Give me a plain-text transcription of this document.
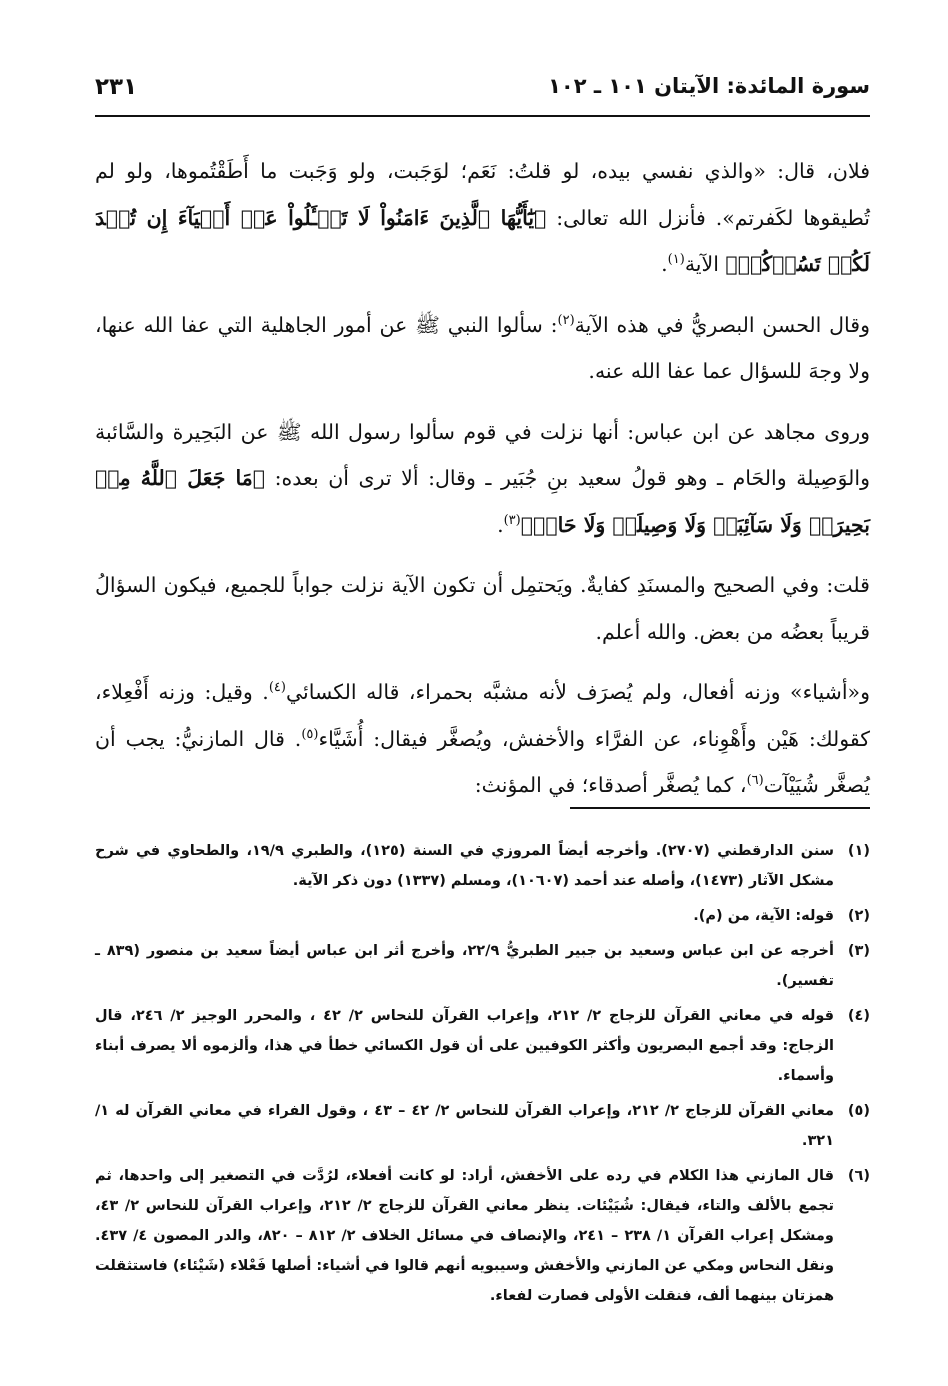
سورة المائدة: الآيتان ١٠١ ـ ١٠٢
٢٣١

فلان، قال: «والذي نفسي بيده، لو قلتُ: نَعَم؛ لوَجَبت، ولو وَجَبت ما أَطَقْتُموها، ولو لم تُطيقوها لكَفرتم». فأنزل الله تعالى: ﴿يَٰٓأَيُّهَا ٱلَّذِينَ ءَامَنُواْ لَا تَسۡـَٔلُواْ عَنۡ أَشۡيَآءَ إِن تُبۡدَ لَكُمۡ تَسُؤۡكُمۡ﴾ الآية$^{(١)}$.

وقال الحسن البصريُّ في هذه الآية$^{(٢)}$: سألوا النبي ﷺ عن أمور الجاهلية التي عفا الله عنها، ولا وجهَ للسؤال عما عفا الله عنه.

وروى مجاهد عن ابن عباس: أنها نزلت في قوم سألوا رسول الله ﷺ عن البَحِيرة والسَّائبة والوَصِيلة والحَام ـ وهو قولُ سعيد بنِ جُبَير ـ وقال: ألا ترى أن بعده: ﴿مَا جَعَلَ ٱللَّهُ مِنۢ بَحِيرَةٖ وَلَا سَآئِبَةٖ وَلَا وَصِيلَةٖ وَلَا حَامٖ﴾$^{(٣)}$.

قلت: وفي الصحيح والمسنَدِ كفايةٌ. ويَحتمِل أن تكون الآية نزلت جواباً للجميع، فيكون السؤالُ قريباً بعضُه من بعض. والله أعلم.

و«أشياء» وزنه أفعال، ولم يُصرَف لأنه مشبَّه بحمراء، قاله الكسائي$^{(٤)}$. وقيل: وزنه أَفْعِلاء، كقولك: هَيْن وأَهْوِناء، عن الفرَّاء والأخفش، ويُصغَّر فيقال: أُشَيَّاء$^{(٥)}$. قال المازنيُّ: يجب أن يُصغَّر شُيَيْآت$^{(٦)}$، كما يُصغَّر أصدقاء؛ في المؤنث:

(١)
سنن الدارقطني (٢٧٠٧). وأخرجه أيضاً المروزي في السنة (١٢٥)، والطبري ١٩/٩، والطحاوي في شرح مشكل الآثار (١٤٧٣)، وأصله عند أحمد (١٠٦٠٧)، ومسلم (١٣٣٧) دون ذكر الآية.
(٢)
قوله: الآية، من (م).
(٣)
أخرجه عن ابن عباس وسعيد بن جبير الطبريُّ ٢٢/٩، وأخرج أثر ابن عباس أيضاً سعيد بن منصور (٨٣٩ ـ تفسير).
(٤)
قوله في معاني القرآن للزجاج ٢/ ٢١٢، وإعراب القرآن للنحاس ٢/ ٤٢ ، والمحرر الوجيز ٢/ ٢٤٦، قال الزجاج: وقد أجمع البصريون وأكثر الكوفيين على أن قول الكسائي خطأ في هذا، وألزموه ألا يصرف أبناء وأسماء.
(٥)
معاني القرآن للزجاج ٢/ ٢١٢، وإعراب القرآن للنحاس ٢/ ٤٢ – ٤٣ ، وقول الفراء في معاني القرآن له ١/ ٣٢١.
(٦)
قال المازني هذا الكلام في رده على الأخفش، أراد: لو كانت أفعلاء، لرُدَّت في التصغير إلى واحدها، ثم تجمع بالألف والتاء، فيقال: شُيَيْئات. ينظر معاني القرآن للزجاج ٢/ ٢١٢، وإعراب القرآن للنحاس ٢/ ٤٣، ومشكل إعراب القرآن ١/ ٢٣٨ – ٢٤١، والإنصاف في مسائل الخلاف ٢/ ٨١٢ – ٨٢٠، والدر المصون ٤/ ٤٣٧. ونقل النحاس ومكي عن المازني والأخفش وسيبويه أنهم قالوا في أشياء: أصلها فَعْلاء (شَيْئاء) فاستثقلت همزتان بينهما ألف، فنقلت الأولى فصارت لفعاء.
